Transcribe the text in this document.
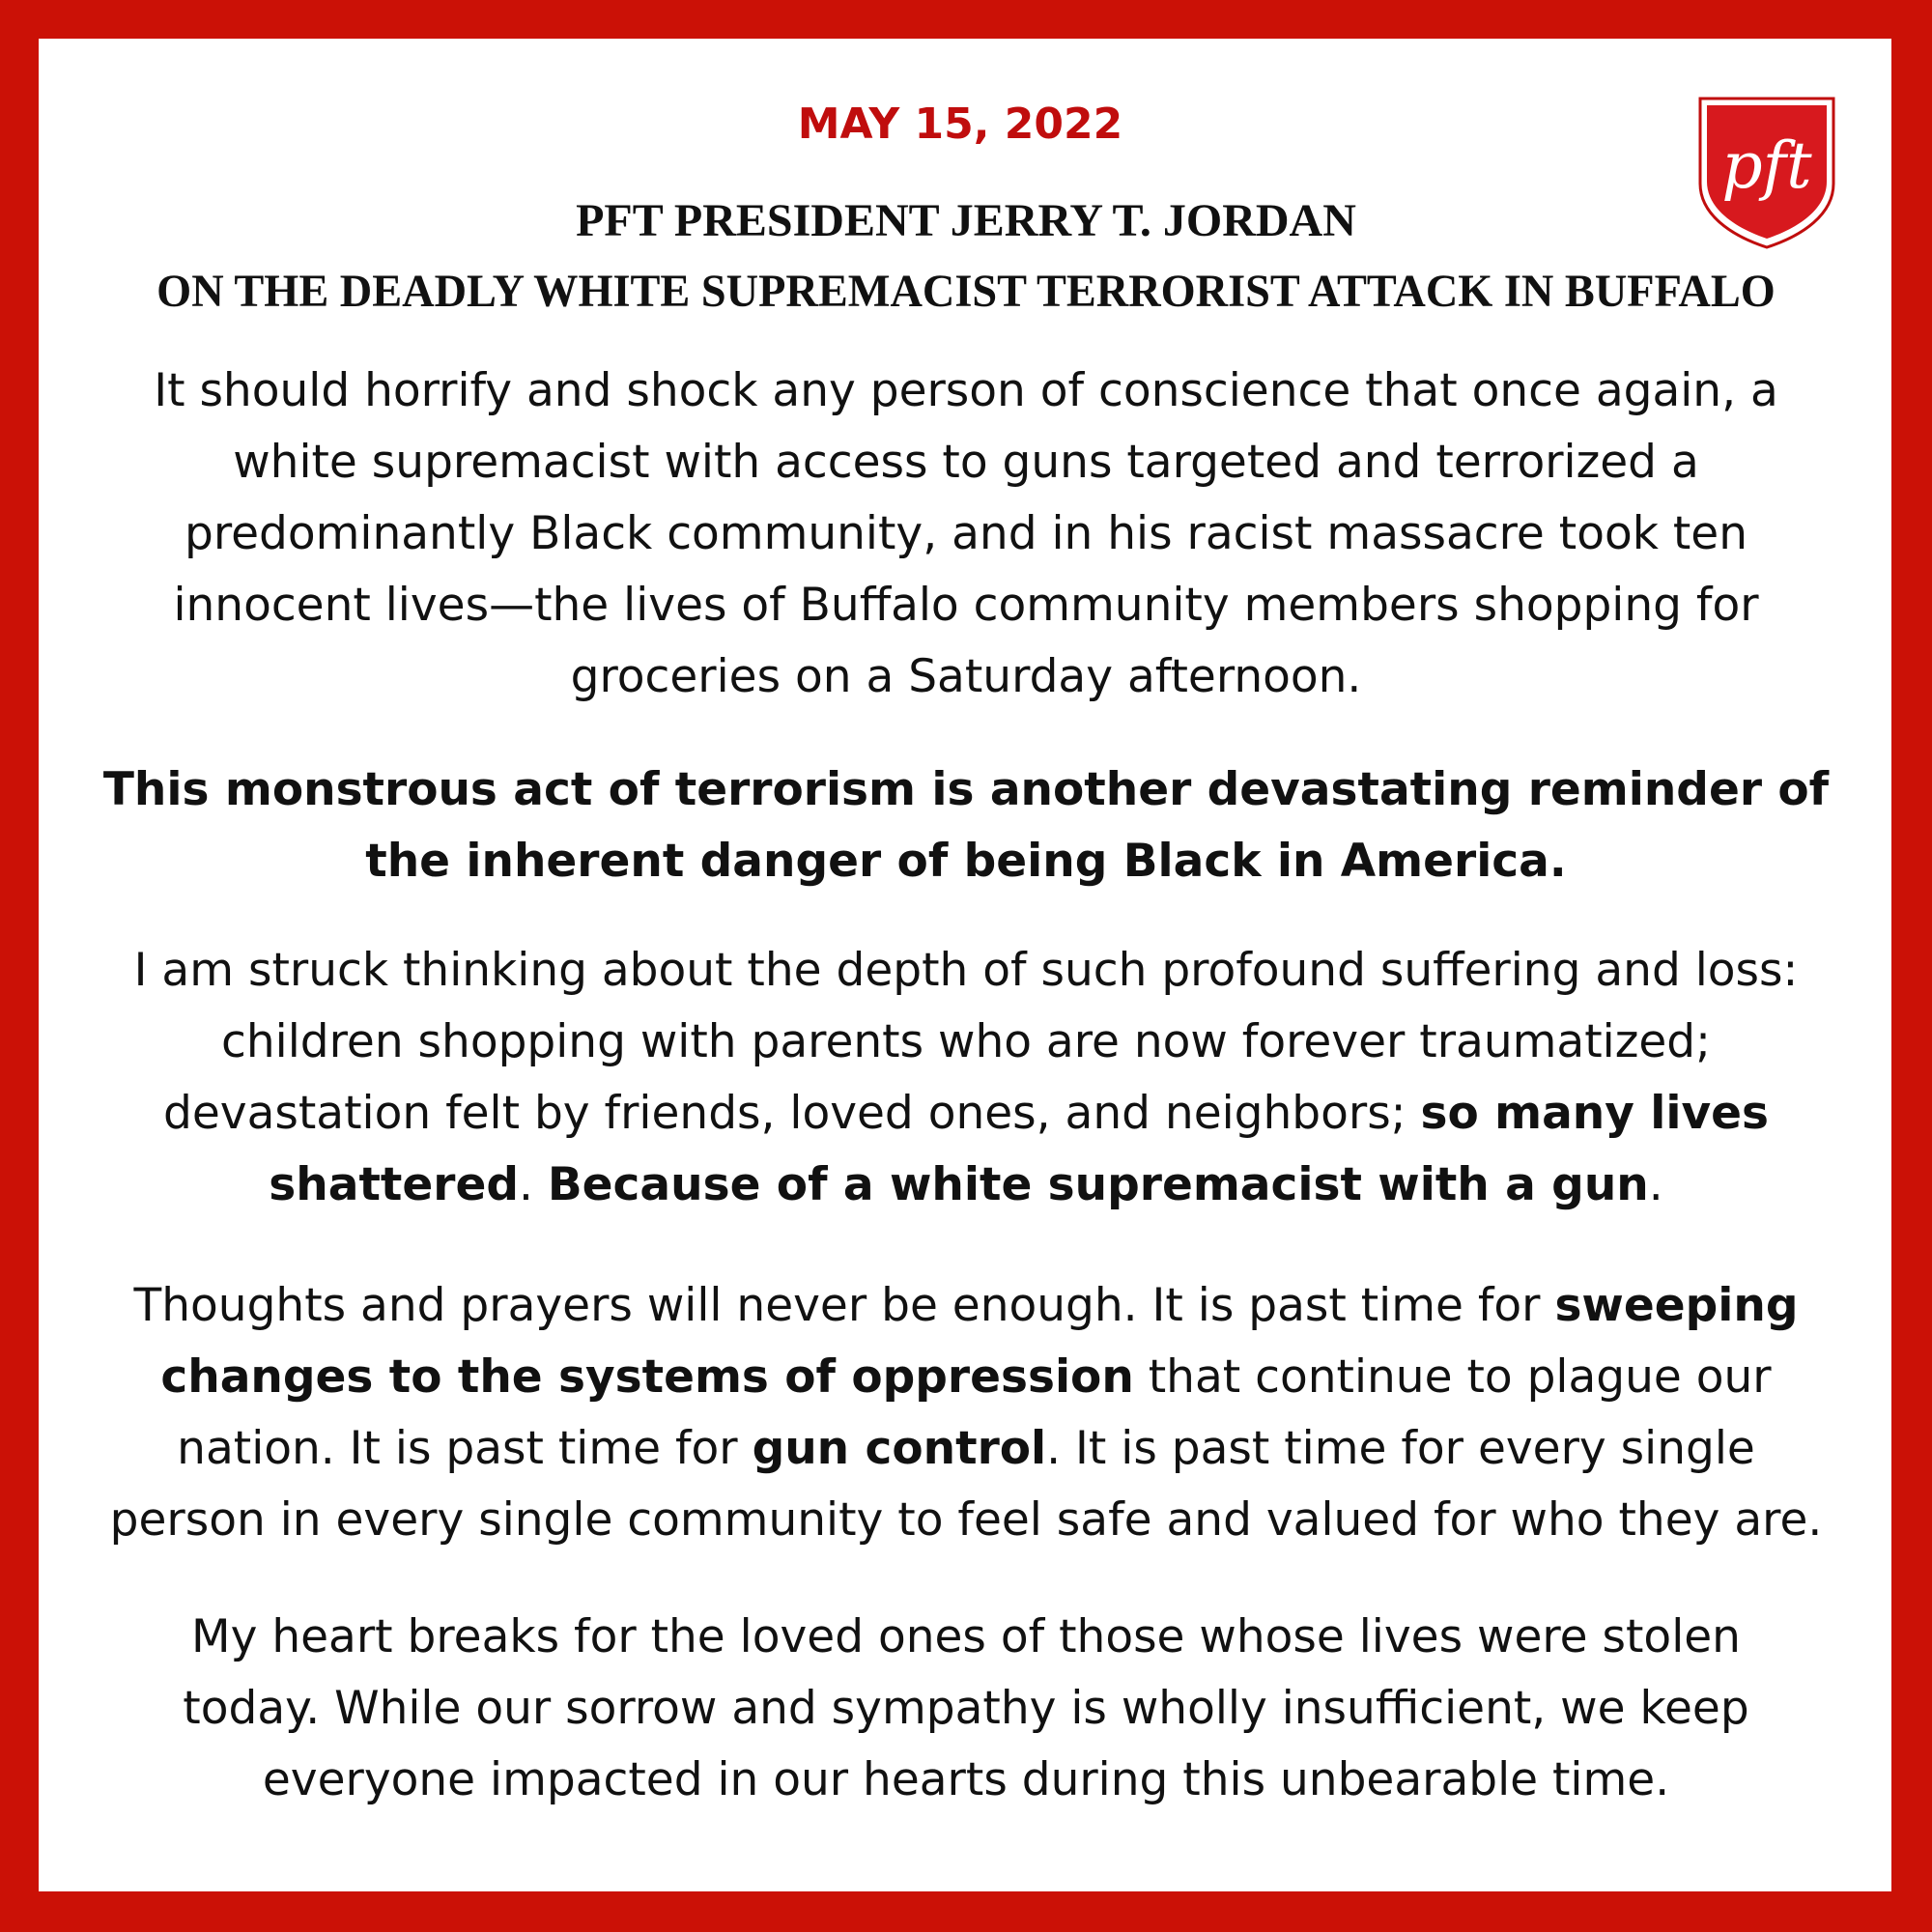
pft
MAY 15, 2022
PFT PRESIDENT JERRY T. JORDAN
ON THE DEADLY WHITE SUPREMACIST TERRORIST ATTACK IN BUFFALO
It should horrify and shock any person of conscience that once again, a
white supremacist with access to guns targeted and terrorized a
predominantly Black community, and in his racist massacre took ten
innocent lives—the lives of Buffalo community members shopping for
groceries on a Saturday afternoon.
This monstrous act of terrorism is another devastating reminder of
the inherent danger of being Black in America.
I am struck thinking about the depth of such profound suffering and loss:
children shopping with parents who are now forever traumatized;
devastation felt by friends, loved ones, and neighbors; so many lives
shattered. Because of a white supremacist with a gun.
Thoughts and prayers will never be enough. It is past time for sweeping
changes to the systems of oppression that continue to plague our
nation. It is past time for gun control. It is past time for every single
person in every single community to feel safe and valued for who they are.
My heart breaks for the loved ones of those whose lives were stolen
today. While our sorrow and sympathy is wholly insufficient, we keep
everyone impacted in our hearts during this unbearable time.
